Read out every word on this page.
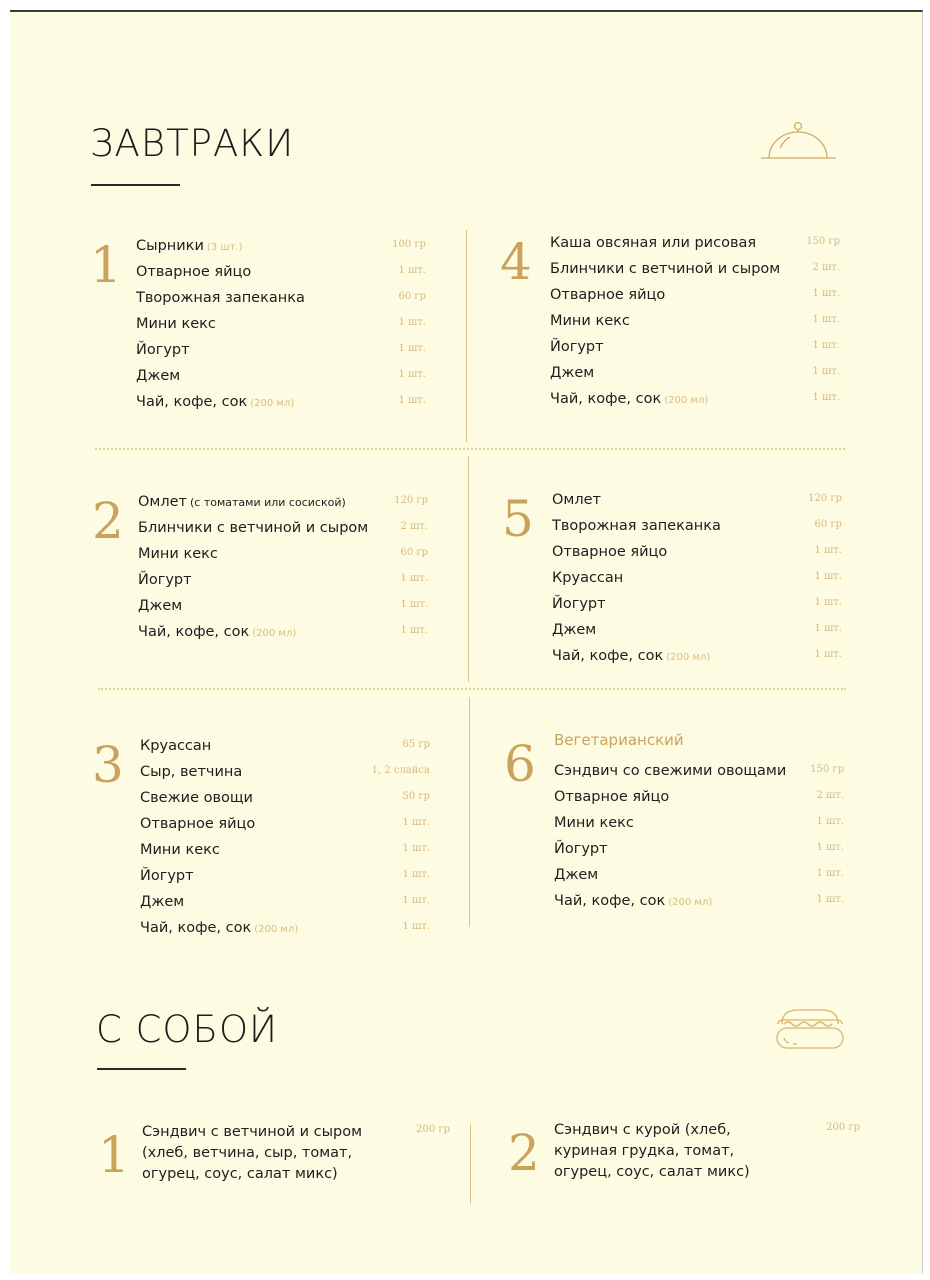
ЗАВТРАКИ
1 Сырники (3 шт.)	100 гр
Отварное яйцо	1 шт.
Творожная запеканка	60 гр
Мини кекс	1 шт.
Йогурт	1 шт.
Джем	1 шт.
Чай, кофе, сок (200 мл)	1 шт.
4 Каша овсяная или рисовая	150 гр
Блинчики с ветчиной и сыром	2 шт.
Отварное яйцо	1 шт.
Мини кекс	1 шт.
Йогурт	1 шт.
Джем	1 шт.
Чай, кофе, сок (200 мл)	1 шт.
2 Омлет (с томатами или сосиской)	120 гр
Блинчики с ветчиной и сыром	2 шт.
Мини кекс	60 гр
Йогурт	1 шт.
Джем	1 шт.
Чай, кофе, сок (200 мл)	1 шт.
5 Омлет	120 гр
Творожная запеканка	60 гр
Отварное яйцо	1 шт.
Круассан	1 шт.
Йогурт	1 шт.
Джем	1 шт.
Чай, кофе, сок (200 мл)	1 шт.
3 Круассан	65 гр
Сыр, ветчина	1, 2 слайса
Свежие овощи	50 гр
Отварное яйцо	1 шт.
Мини кекс	1 шт.
Йогурт	1 шт.
Джем	1 шт.
Чай, кофе, сок (200 мл)	1 шт.
6 Вегетарианский
Сэндвич со свежими овощами 150 гр
Отварное яйцо	2 шт.
Мини кекс	1 шт.
Йогурт	1 шт.
Джем	1 шт.
Чай, кофе, сок (200 мл)	1 шт.
С СОБОЙ
1 Сэндвич с ветчиной и сыром (хлеб, ветчина, сыр, томат, огурец, соус, салат микс)
200 гр 2 Сэндвич с курой (хлеб, куриная грудка, томат, огурец, соус, салат микс)
200 гр
